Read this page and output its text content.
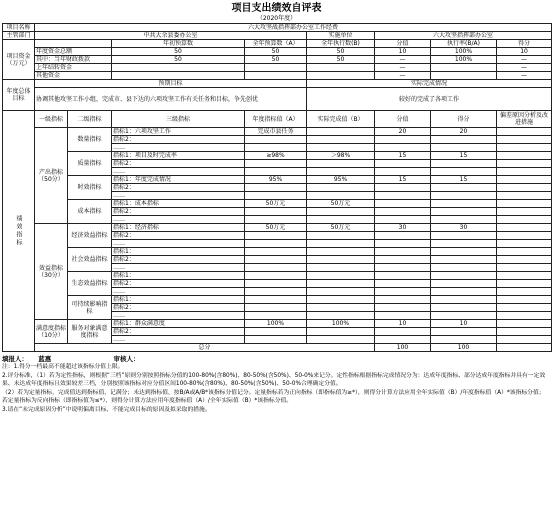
项目支出绩效自评表
（2020年度）
项目名称	六大攻坚战指挥部办公室工作经费							
主管部门	中共大余县委办公室				实施单位	六大攻坚指挥部办公室		
项目资金（万元）			年初预算数	全年预算数（A）	全年执行数(B)	分值	执行率(B/A)	得分
	年度资金总额		50	50	50	10	100%	10
	其中：当年财政拨款		50	50	50	—	100%	—
	上年结转资金					—		—
	其他资金					—		—
年度总体目标	预期目标				实际完成情况			
	协调其他攻坚工作小组，完成市、县下达的六项攻坚工作有关任务和目标，争先创优				较好的完成了各项工作			
绩效指标	一级指标	二级指标	三级指标	年度指标值（A）	实际完成值（B）	分值	得分	偏差原因分析及改进措施
	产出指标（50分）	数量指标	指标1：六项攻坚工作	完成市县任务		20	20	
			指标2：					
			……					
		质量指标	指标1：项目及时完成率	≥98%	＞98%	15	15	
			指标2：					
			……					
		时效指标	指标1：年度完成情况	95%	95%	15	15	
			指标2：					
			……					
		成本指标	指标1：成本指标	50万元	50万元			
			指标2：					
			……					
	效益指标（30分）	经济效益指标	指标1：经济指标	50万元	50万元	30	30	
			指标2：					
			……					
		社会效益指标	指标1：					
			指标2：					
			……					
		生态效益指标	指标1：					
			指标2：					
			……					
		可持续影响指标	指标1：					
			指标2：					
			……					
	满意度指标（10分）	服务对象满意度指标	指标1：群众满意度	100%	100%	10	10	
			指标2：					
			……					
	总分					100	100	
填报人： 蓝惠	审核人：

注：1.得分一档最高不能超过该指标分值上限。

2.评分标准，（1）若为定性指标，则根据“三档”原则分别按照指标分值的100-80%(含80%)、80-50%(含50%)、50-0%来记分。定性指标根据指标完成情况分为：达成年度指标、部分达成年度指标并具有一定效果、未达成年度指标且效果较差三档，分别按照该指标对应分值区间100-80%(含80%)、80-50%(含50%)、50-0%合理确定分值。

（2）若为定量指标，完成值达到指标值，记满分；未达到指标值，按B/A或A/B*该指标分值记分。定量指标若为正向指标（即指标值为≥*），则得分计算方法应用全年实际值（B）/年度指标值（A）*该指标分值；若定量指标为反向指标（即指标值为≤*），则得分计算方法应用年度指标值（A）/全年实际值（B）*该指标分值。

3.请在“未完成原因分析”中说明偏离目标、不能完成目标的原因及拟采取的措施。
